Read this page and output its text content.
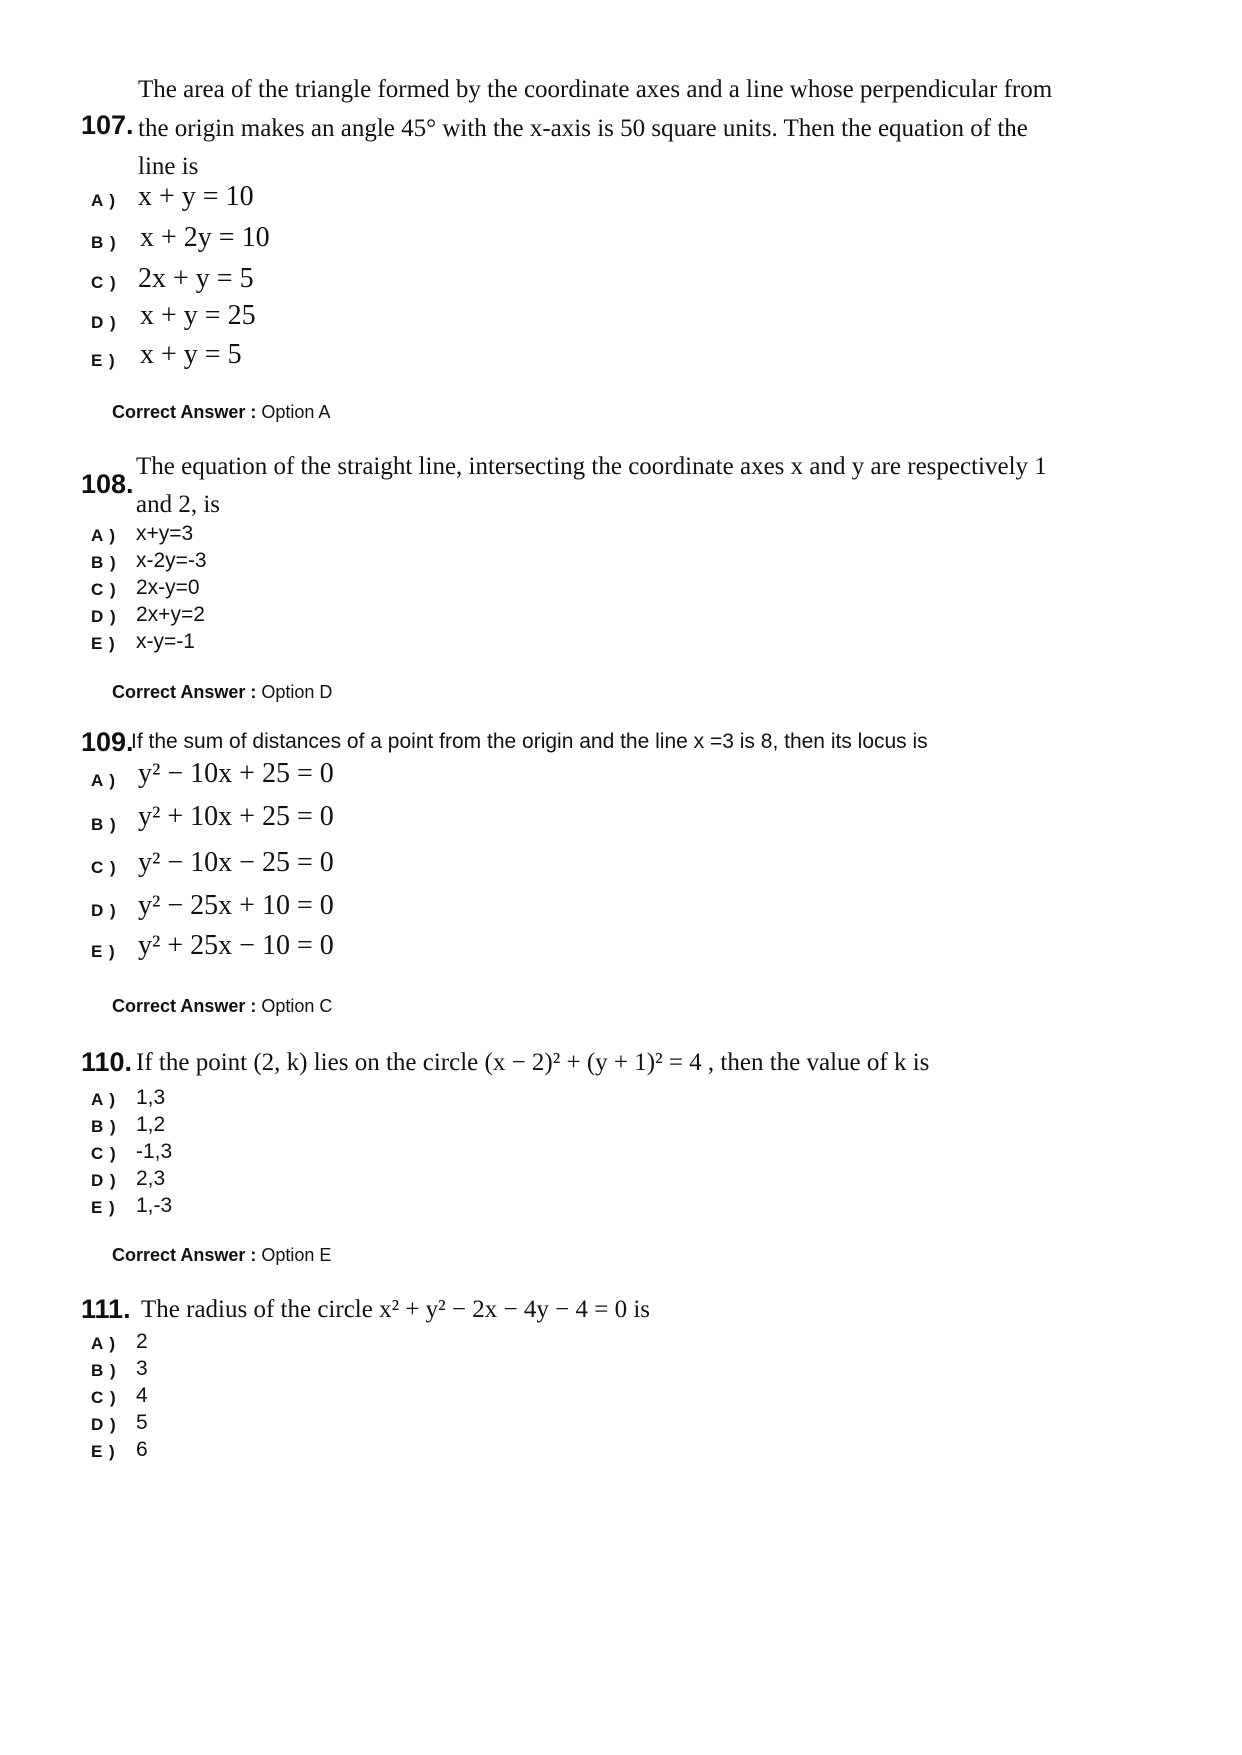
107.
The area of the triangle formed by the coordinate axes and a line whose perpendicular from
the origin makes an angle 45° with the x-axis is 50 square units. Then the equation of the
line is
A ) x + y = 10
B ) x + 2y = 10
C ) 2x + y = 5
D ) x + y = 25
E ) x + y = 5
Correct Answer : Option A
108.
The equation of the straight line, intersecting the coordinate axes x and y are respectively 1
and 2, is
A ) x+y=3
B ) x-2y=-3
C ) 2x-y=0
D ) 2x+y=2
E ) x-y=-1
Correct Answer : Option D
109.
If the sum of distances of a point from the origin and the line x =3 is 8, then its locus is
A ) y² − 10x + 25 = 0
B ) y² + 10x + 25 = 0
C ) y² − 10x − 25 = 0
D ) y² − 25x + 10 = 0
E ) y² + 25x − 10 = 0
Correct Answer : Option C
110. If the point (2, k) lies on the circle (x − 2)² + (y + 1)² = 4 , then the value of k is
A ) 1,3
B ) 1,2
C ) -1,3
D ) 2,3
E ) 1,-3
Correct Answer : Option E
111. The radius of the circle x² + y² − 2x − 4y − 4 = 0 is
A ) 2
B ) 3
C ) 4
D ) 5
E ) 6
